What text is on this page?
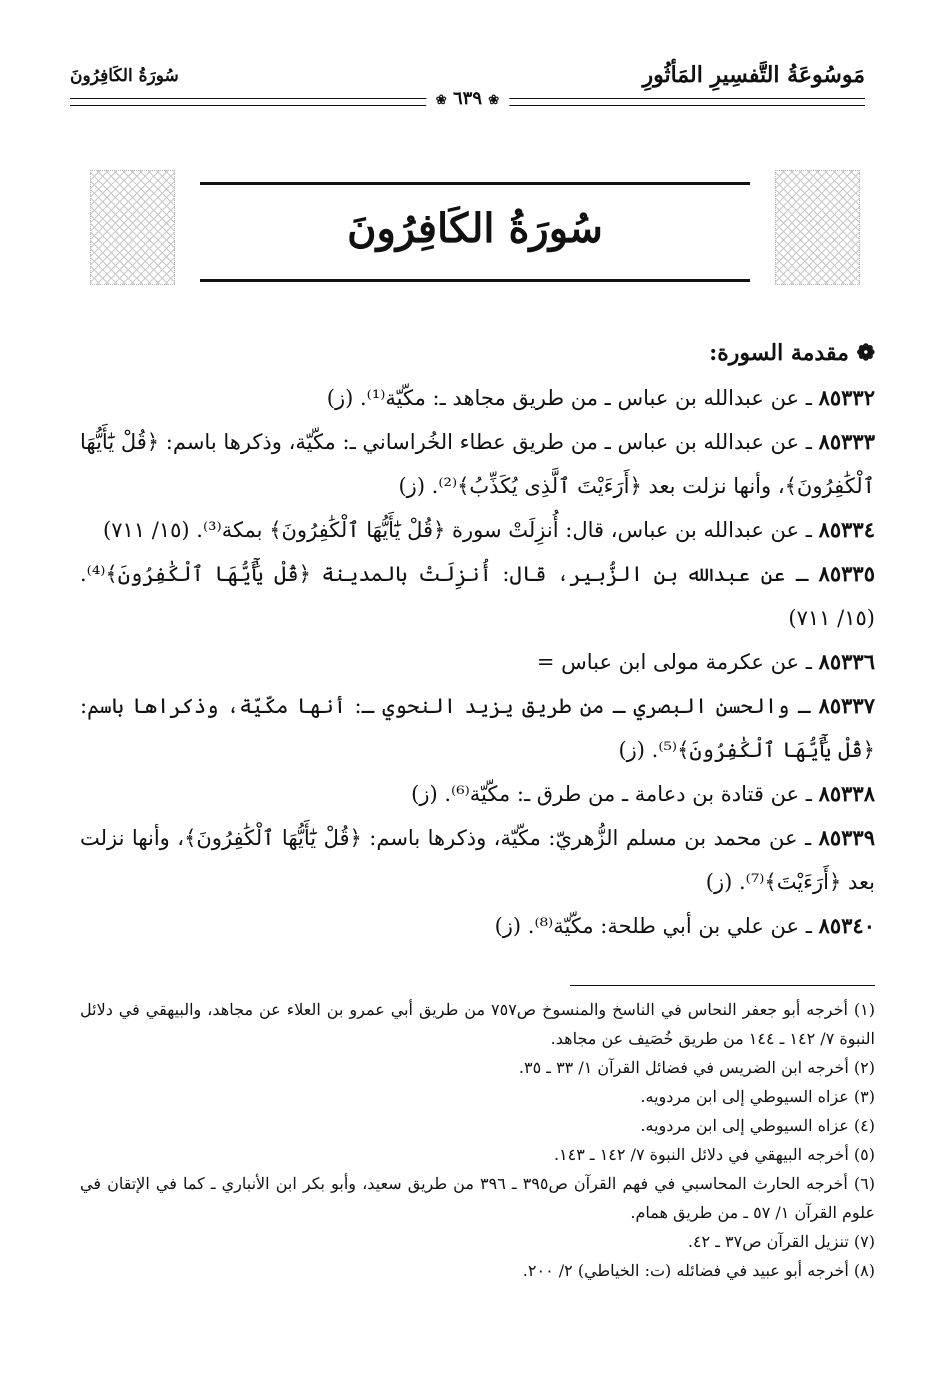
مَوسُوعَةُ التَّفسِيرِ المَأثُورِ
سُورَةُ الكَافِرُونَ
❀ ٦٣٩ ❀
سُورَةُ الكَافِرُونَ
❁ مقدمة السورة:
٨٥٣٣٢ ـ عن عبدالله بن عباس ـ من طريق مجاهد ـ: مكّيّة⁽¹⁾. (ز)
٨٥٣٣٣ ـ عن عبدالله بن عباس ـ من طريق عطاء الخُراساني ـ: مكّيّة، وذكرها باسم: ﴿قُلْ يَٰٓأَيُّهَا ٱلْكَٰفِرُونَ﴾، وأنها نزلت بعد ﴿أَرَءَيْتَ ٱلَّذِى يُكَذِّبُ﴾⁽²⁾. (ز)
٨٥٣٣٤ ـ عن عبدالله بن عباس، قال: أُنزِلَتْ سورة ﴿قُلْ يَٰٓأَيُّهَا ٱلْكَٰفِرُونَ﴾ بمكة⁽³⁾. (١٥/ ٧١١)
٨٥٣٣٥ ـ عن عبدالله بن الزُّبير، قال: أُنزِلَتْ بالمدينة ﴿قُلْ يَٰٓأَيُّهَا ٱلْكَٰفِرُونَ﴾⁽⁴⁾. (١٥/ ٧١١)
٨٥٣٣٦ ـ عن عكرمة مولى ابن عباس =
٨٥٣٣٧ ـ والحسن البصري ـ من طريق يزيد النحوي ـ: أنها مكّيّة، وذكراها باسم: ﴿قُلْ يَٰٓأَيُّهَا ٱلْكَٰفِرُونَ﴾⁽⁵⁾. (ز)
٨٥٣٣٨ ـ عن قتادة بن دعامة ـ من طرق ـ: مكّيّة⁽⁶⁾. (ز)
٨٥٣٣٩ ـ عن محمد بن مسلم الزُّهريّ: مكّيّة، وذكرها باسم: ﴿قُلْ يَٰٓأَيُّهَا ٱلْكَٰفِرُونَ﴾، وأنها نزلت بعد ﴿أَرَءَيْتَ﴾⁽⁷⁾. (ز)
٨٥٣٤٠ ـ عن علي بن أبي طلحة: مكّيّة⁽⁸⁾. (ز)

(١) أخرجه أبو جعفر النحاس في الناسخ والمنسوخ ص٧٥٧ من طريق أبي عمرو بن العلاء عن مجاهد، والبيهقي في دلائل النبوة ٧/ ١٤٢ ـ ١٤٤ من طريق خُصَيف عن مجاهد.

(٢) أخرجه ابن الضريس في فضائل القرآن ١/ ٣٣ ـ ٣٥.

(٣) عزاه السيوطي إلى ابن مردويه.

(٤) عزاه السيوطي إلى ابن مردويه.

(٥) أخرجه البيهقي في دلائل النبوة ٧/ ١٤٢ ـ ١٤٣.

(٦) أخرجه الحارث المحاسبي في فهم القرآن ص٣٩٥ ـ ٣٩٦ من طريق سعيد، وأبو بكر ابن الأنباري ـ كما في الإتقان في علوم القرآن ١/ ٥٧ ـ من طريق همام.

(٧) تنزيل القرآن ص٣٧ ـ ٤٢.

(٨) أخرجه أبو عبيد في فضائله (ت: الخياطي) ٢/ ٢٠٠.
